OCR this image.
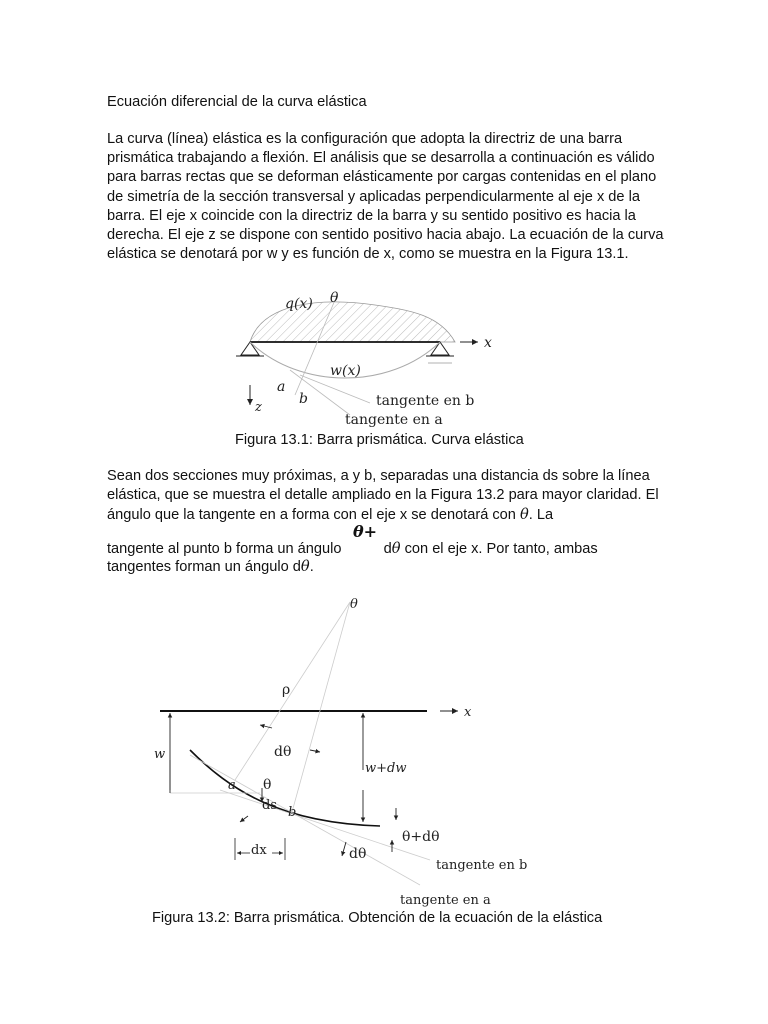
Ecuación diferencial de la curva elástica

La curva (línea) elástica es la configuración que adopta la directriz de una barra prismática trabajando a flexión. El análisis que se desarrolla a continuación es válido para barras rectas que se deforman elásticamente por cargas contenidas en el plano de simetría de la sección transversal y aplicadas perpendicularmente al eje x de la barra. El eje x coincide con la directriz de la barra y su sentido positivo es hacia la derecha. El eje z se dispone con sentido positivo hacia abajo. La ecuación de la curva elástica se denotará por w y es función de x, como se muestra en la Figura 13.1.

q(x) θ
x
w(x)
a
b
z	tangente en b
tangente en a

Figura 13.1: Barra prismática. Curva elástica

Sean dos secciones muy próximas, a y b, separadas una distancia ds sobre la línea elástica, que se muestra el detalle ampliado en la Figura 13.2 para mayor claridad. El ángulo que la tangente en a forma con el eje x se denotará con θ. La

θ+

tangente al punto b forma un ángulo	dθ con el eje x. Por tanto, ambas

tangentes forman un ángulo dθ.

θ
ρ
x
w	dθ
w+dw
a θ
ds b
θ+dθ
dx	dθ
tangente en b
tangente en a

Figura 13.2: Barra prismática. Obtención de la ecuación de la elástica
